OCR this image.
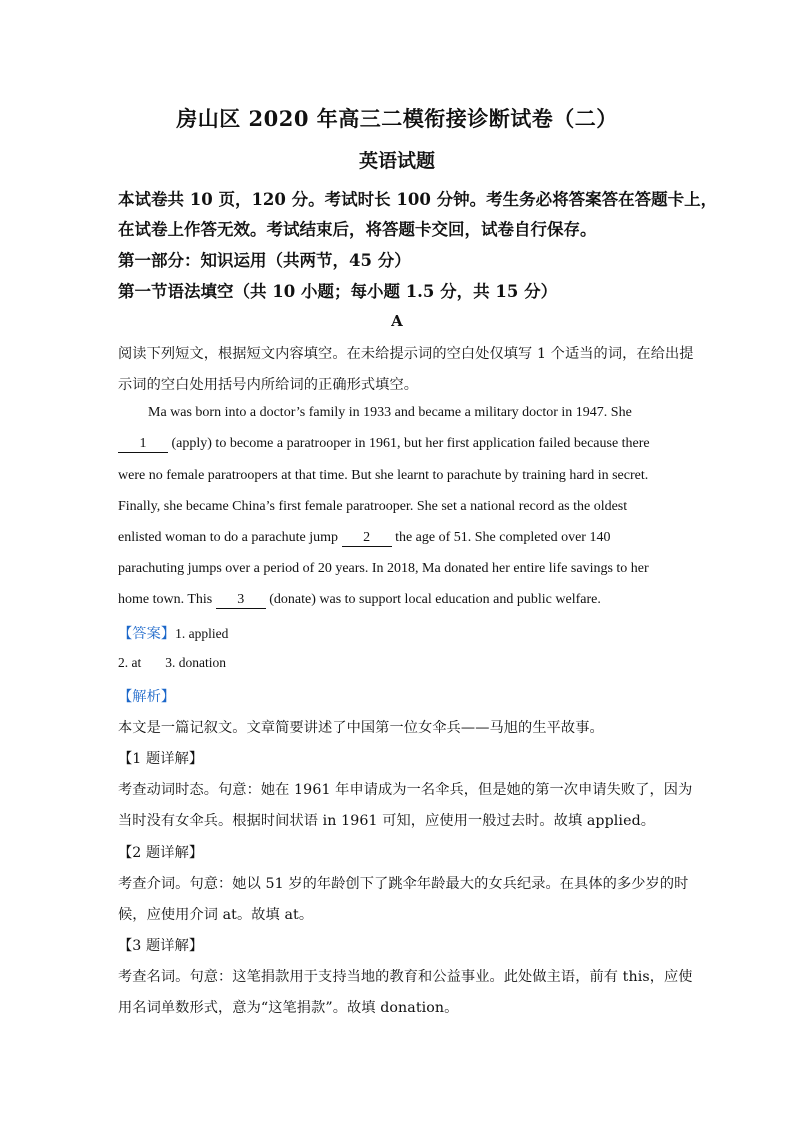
房山区 2020 年高三二模衔接诊断试卷（二）
英语试题
本试卷共 10 页，120 分。考试时长 100 分钟。考生务必将答案答在答题卡上，
在试卷上作答无效。考试结束后，将答题卡交回，试卷自行保存。
第一部分：知识运用（共两节，45 分）
第一节语法填空（共 10 小题；每小题 1.5 分，共 15 分）
A
阅读下列短文，根据短文内容填空。在未给提示词的空白处仅填写 1 个适当的词，在给出提
示词的空白处用括号内所给词的正确形式填空。
Ma was born into a doctor’s family in 1933 and became a military doctor in 1947. She
1 (apply) to become a paratrooper in 1961, but her first application failed because there
were no female paratroopers at that time. But she learnt to parachute by training hard in secret.
Finally, she became China’s first female paratrooper. She set a national record as the oldest
enlisted woman to do a parachute jump 2 the age of 51. She completed over 140
parachuting jumps over a period of 20 years. In 2018, Ma donated her entire life savings to her
home town. This 3 (donate) was to support local education and public welfare.
【答案】1. applied
2. at 3. donation
【解析】
本文是一篇记叙文。文章简要讲述了中国第一位女伞兵——马旭的生平故事。
【1 题详解】
考查动词时态。句意：她在 1961 年申请成为一名伞兵，但是她的第一次申请失败了，因为
当时没有女伞兵。根据时间状语 in 1961 可知，应使用一般过去时。故填 applied。
【2 题详解】
考查介词。句意：她以 51 岁的年龄创下了跳伞年龄最大的女兵纪录。在具体的多少岁的时
候，应使用介词 at。故填 at。
【3 题详解】
考查名词。句意：这笔捐款用于支持当地的教育和公益事业。此处做主语，前有 this，应使
用名词单数形式，意为“这笔捐款”。故填 donation。
